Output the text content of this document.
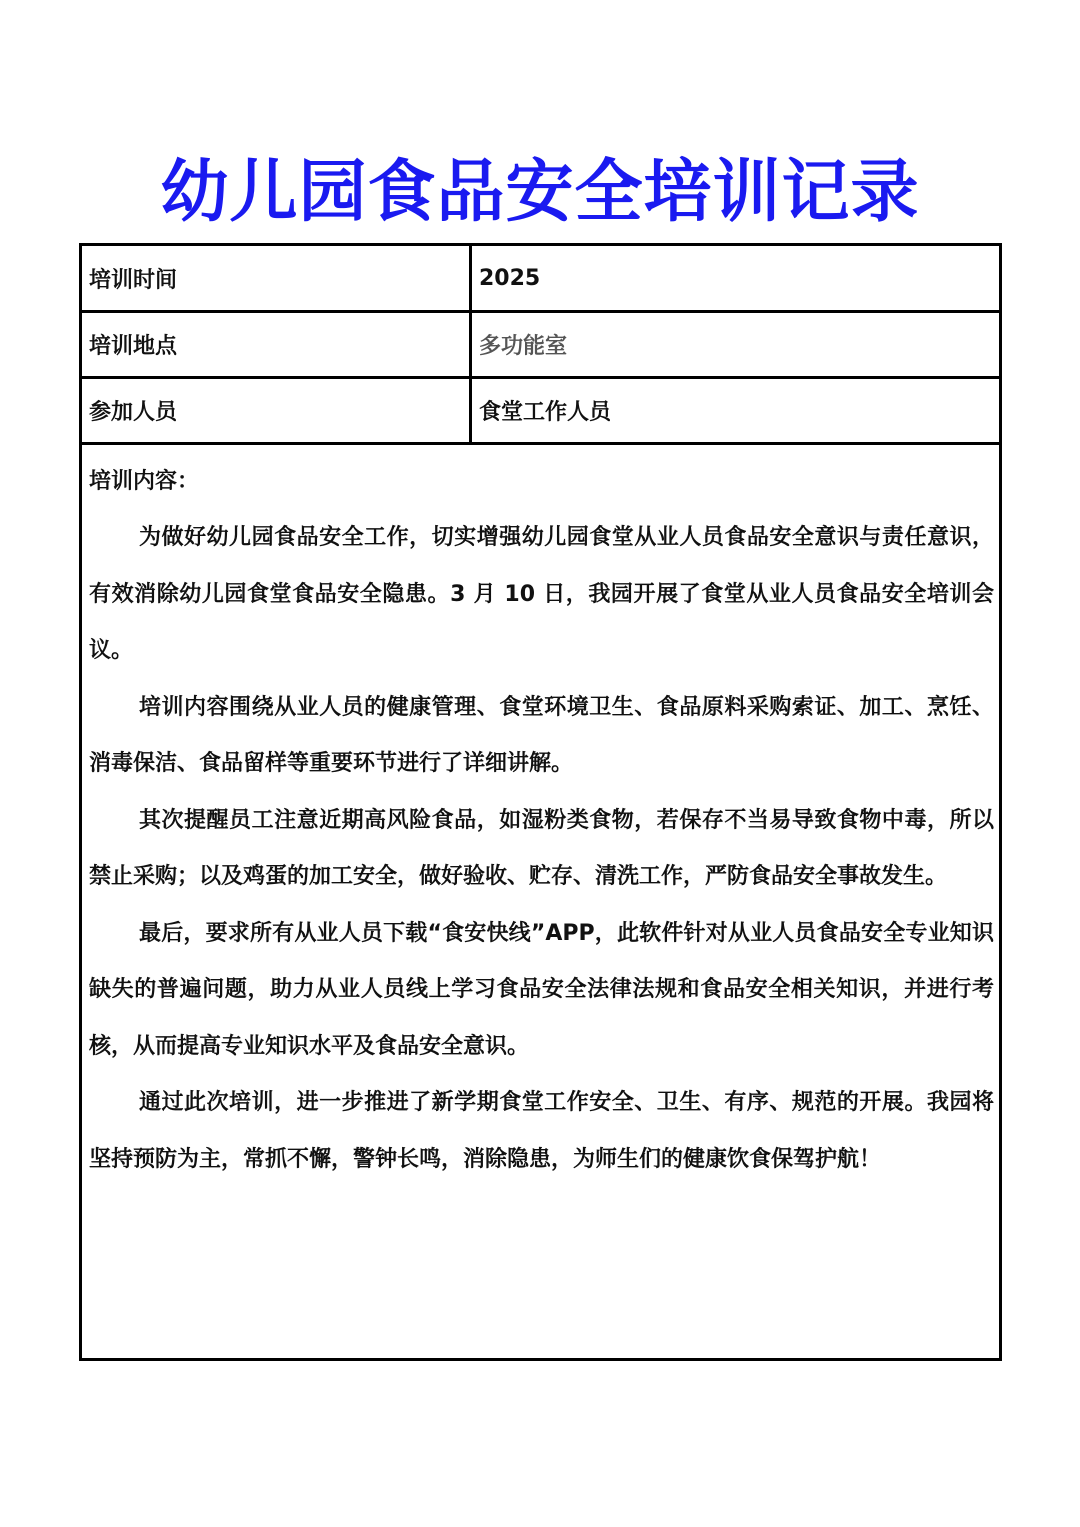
幼儿园食品安全培训记录
培训时间	2025
培训地点	多功能室
参加人员	食堂工作人员
培训内容：

为做好幼儿园食品安全工作，切实增强幼儿园食堂从业人员食品安全意识与责任意识，有效消除幼儿园食堂食品安全隐患。3 月 10 日，我园开展了食堂从业人员食品安全培训会议。

培训内容围绕从业人员的健康管理、食堂环境卫生、食品原料采购索证、加工、烹饪、消毒保洁、食品留样等重要环节进行了详细讲解。

其次提醒员工注意近期高风险食品，如湿粉类食物，若保存不当易导致食物中毒，所以禁止采购；以及鸡蛋的加工安全，做好验收、贮存、清洗工作，严防食品安全事故发生。

最后，要求所有从业人员下载“食安快线”APP，此软件针对从业人员食品安全专业知识缺失的普遍问题，助力从业人员线上学习食品安全法律法规和食品安全相关知识，并进行考核，从而提高专业知识水平及食品安全意识。

通过此次培训，进一步推进了新学期食堂工作安全、卫生、有序、规范的开展。我园将坚持预防为主，常抓不懈，警钟长鸣，消除隐患，为师生们的健康饮食保驾护航！
